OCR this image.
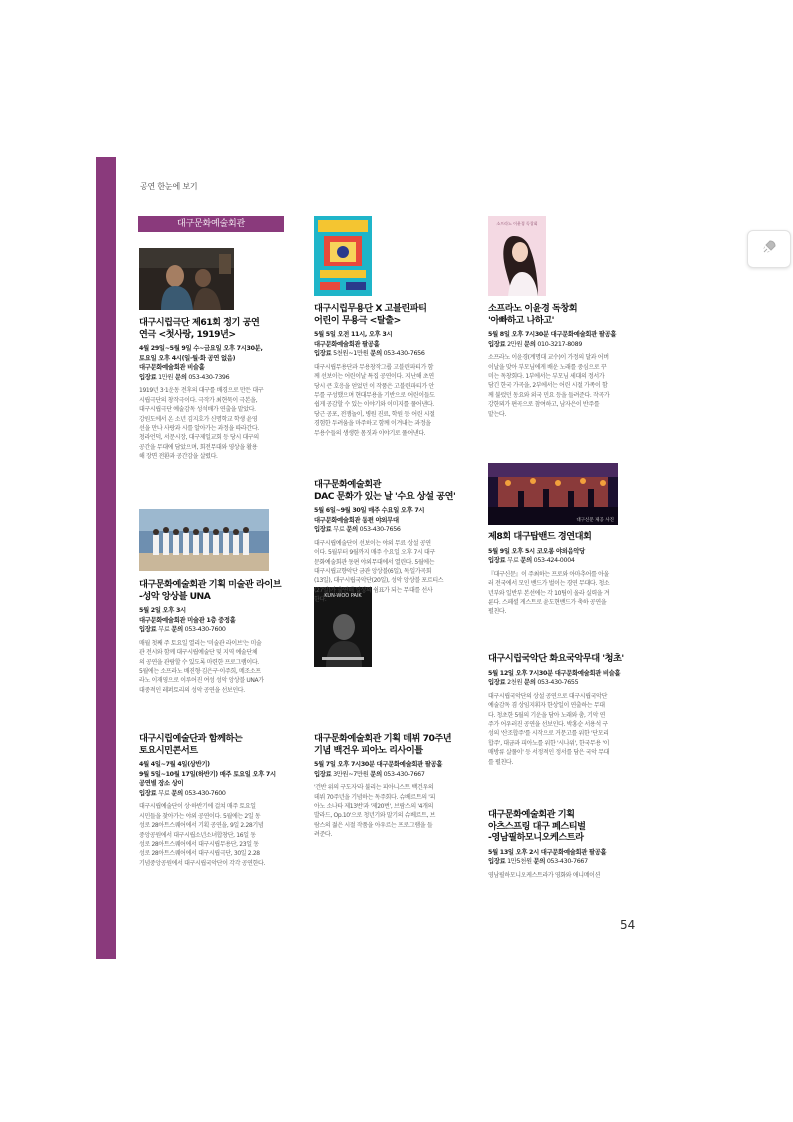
공연 한눈에 보기
대구문화예술회관
KUN-WOO PAIK
소프라노 이윤경 독창회
대구신문 제공 사진
대구시립극단 제61회 정기 공연
연극 <첫사랑, 1919년>
4월 29일~5월 9일 수~금요일 오후 7시30분,
토요일 오후 4시(일·월·화 공연 없음)
대구문화예술회관 비슬홀
입장료 1만원 문의 053-430-7396
1919년 3·1운동 전후의 대구를 배경으로 만든 대구
시립극단의 창작극이다. 극작가 최현묵이 극본을,
대구시립극단 예술감독 성석배가 연출을 맡았다.
강원도에서 온 소년 김지호가 신명학교 학생 윤영
선을 만나 사랑과 시를 알아가는 과정을 따라간다.
청라언덕, 서문시장, 대구제일교회 등 당시 대구의
공간을 무대에 담았으며, 회전무대와 영상을 활용
해 장면 전환과 공간감을 살렸다.
대구문화예술회관 기획 미술관 라이브
-성악 앙상블 UNA
5월 2일 오후 3시
대구문화예술회관 미술관 1층 중정홀
입장료 무료 문의 053-430-7600
매월 첫째 주 토요일 열리는 '미술관 라이브'는 미술
관 전시와 함께 대구시립예술단 및 지역 예술단체
의 공연을 관람할 수 있도록 마련한 프로그램이다.
5월에는 소프라노 배진형·김은구·이주희, 메조소프
라노 이재영으로 이루어진 여성 성악 앙상블 UNA가
대중적인 레퍼토리의 성악 공연을 선보인다.
대구시립예술단과 함께하는
토요시민콘서트
4월 4일~7월 4일(상반기)
9월 5일~10월 17일(하반기) 매주 토요일 오후 7시
공연별 장소 상이
입장료 무료 문의 053-430-7600
대구시립예술단이 상·하반기에 걸쳐 매주 토요일
시민들을 찾아가는 야외 공연이다. 5월에는 2일 동
성로 28아트스퀘어에서 기획 공연을, 9일 2.28기념
중앙공원에서 대구시립소년소녀합창단, 16일 동
성로 28아트스퀘어에서 대구시립무용단, 23일 동
성로 28아트스퀘어에서 대구시립극단, 30일 2.28
기념중앙공원에서 대구시립국악단이 각각 공연한다.
대구시립무용단 X 고블린파티
어린이 무용극 <탈출>
5월 5일 오전 11시, 오후 3시
대구문화예술회관 팔공홀
입장료 5천원~1만원 문의 053-430-7656
대구시립무용단과 무용창작그룹 고블린파티가 함
께 선보이는 어린이날 특집 공연이다. 지난해 초연
당시 큰 호응을 얻었던 이 작품은 고블린파티가 안
무를 구성했으며 현대무용을 기반으로 어린이들도
쉽게 공감할 수 있는 이야기와 이미지를 풀어낸다.
당근 공포, 전쟁놀이, 병원 진료, 학원 등 어린 시절
경험한 두려움을 마주하고 함께 이겨내는 과정을
무용수들의 생생한 몸짓과 이야기로 풀어낸다.
대구문화예술회관
DAC 문화가 있는 날 '수요 상설 공연'
5월 6일~9월 30일 매주 수요일 오후 7시
대구문화예술회관 동편 야외무대
입장료 무료 문의 053-430-7656
대구시립예술단이 선보이는 야외 무료 상설 공연
이다. 5월부터 9월까지 매주 수요일 오후 7시 대구
문화예술회관 동편 야외무대에서 열린다. 5월에는
대구시립교향악단 금관 앙상블(6일), 독일가곡회
(13일), 대구시립국악단(20일), 성악 앙상블 포르티스
(27일)가 출연해 일상의 쉼표가 되는 무대를 선사
한다.
대구문화예술회관 기획 데뷔 70주년
기념 백건우 피아노 리사이틀
5월 7일 오후 7시30분 대구문화예술회관 팔공홀
입장료 3만원~7만원 문의 053-430-7667
'건반 위의 구도자'라 불리는 피아니스트 백건우의
데뷔 70주년을 기념하는 독주회다. 슈베르트의 '피
아노 소나타 제13번'과 '제20번', 브람스의 '4개의
발라드, Op.10'으로 청년기와 말기의 슈베르트, 브
람스의 젊은 시절 작품을 아우르는 프로그램을 들
려준다.
소프라노 이윤경 독창회
'아빠하고 나하고'
5월 8일 오후 7시30분 대구문화예술회관 팔공홀
입장료 2만원 문의 010-3217-8089
소프라노 이윤경(계명대 교수)이 가정의 달과 어버
이날을 맞아 부모님에게 배운 노래를 중심으로 꾸
미는 독창회다. 1부에서는 부모님 세대의 정서가
담긴 한국 가곡을, 2부에서는 어린 시절 가족이 함
께 불렀던 동요와 외국 민요 등을 들려준다. 작곡가
강한뫼가 편곡으로 참여하고, 남자은이 반주를
맡는다.
제8회 대구탑밴드 경연대회
5월 9일 오후 5시 코오롱 야외음악당
입장료 무료 문의 053-424-0004
『대구신문』이 주최하는 프로와 아마추어를 아울
러 전국에서 모인 밴드가 벌이는 경연 무대다. 청소
년부와 일반부 본선에는 각 10팀이 올라 실력을 겨
룬다. 스페셜 게스트로 윤도현밴드가 축하 공연을
펼친다.
대구시립국악단 화요국악무대 '청초'
5월 12일 오후 7시30분 대구문화예술회관 비슬홀
입장료 2천원 문의 053-430-7655
대구시립국악단의 상설 공연으로 대구시립국악단
예술감독 겸 상임지휘자 한상일이 연출하는 무대
다. 청초한 5월의 기운을 담아 노래와 춤, 기악 연
주가 어우러진 공연을 선보인다. 박홍순 서용석 구
성의 '산조합주'를 시작으로 거문고를 위한 '단모리
합주', 대금과 피아노를 위한 '시나위', 한국무용 '이
매방류 살풀이' 등 서정적인 정서를 담은 국악 무대
를 펼친다.
대구문화예술회관 기획
아츠스프링 대구 페스티벌
-영남필하모니오케스트라
5월 13일 오후 2시 대구문화예술회관 팔공홀
입장료 1만5천원 문의 053-430-7667
영남필하모니오케스트라가 영화와 애니메이션
54
